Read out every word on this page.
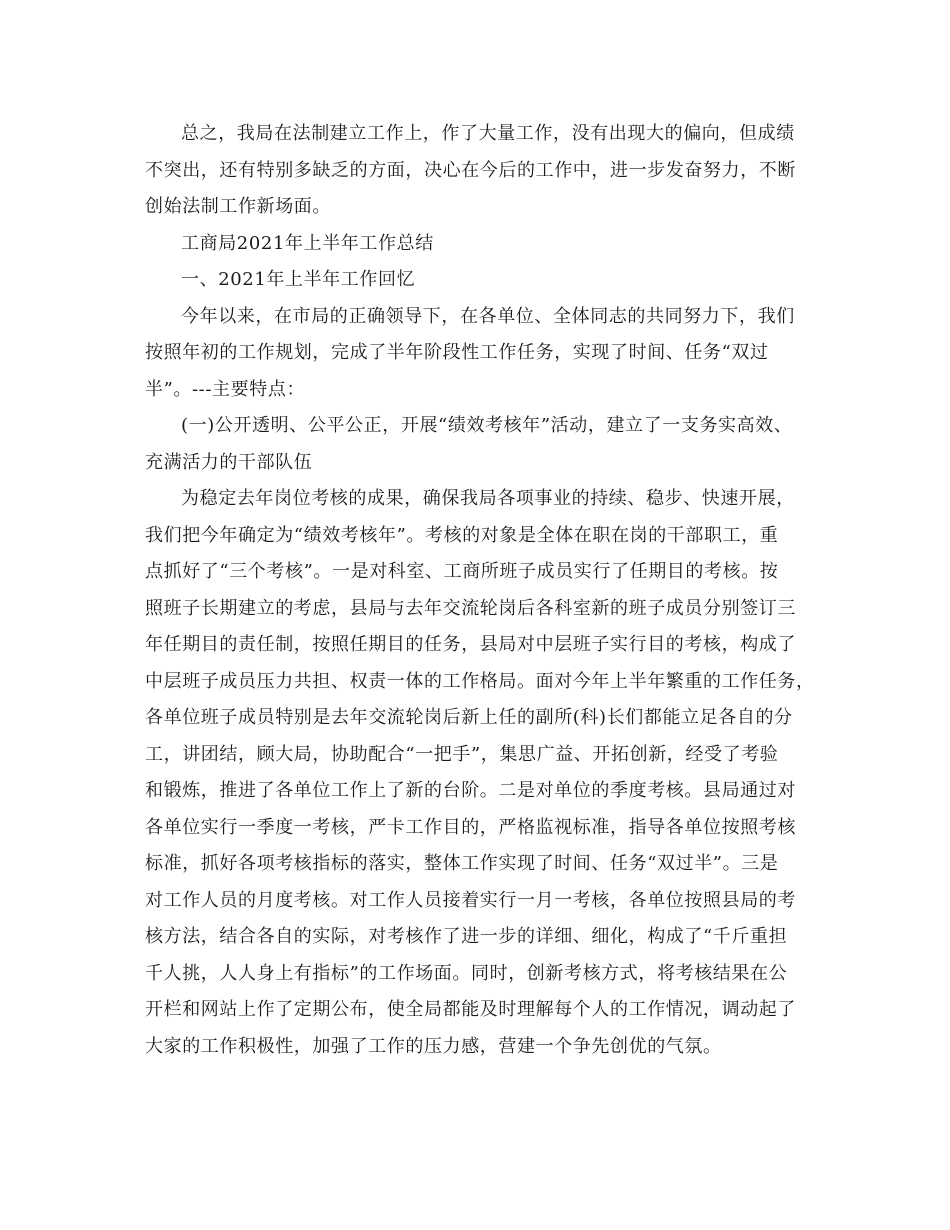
总之，我局在法制建立工作上，作了大量工作，没有出现大的偏向，但成绩
不突出，还有特别多缺乏的方面，决心在今后的工作中，进一步发奋努力，不断
创始法制工作新场面。
工商局2021年上半年工作总结
一、2021年上半年工作回忆
今年以来，在市局的正确领导下，在各单位、全体同志的共同努力下，我们
按照年初的工作规划，完成了半年阶段性工作任务，实现了时间、任务“双过
半”。---主要特点：
(一)公开透明、公平公正，开展“绩效考核年”活动，建立了一支务实高效、
充满活力的干部队伍
为稳定去年岗位考核的成果，确保我局各项事业的持续、稳步、快速开展，
我们把今年确定为“绩效考核年”。考核的对象是全体在职在岗的干部职工，重
点抓好了“三个考核”。一是对科室、工商所班子成员实行了任期目的考核。按
照班子长期建立的考虑，县局与去年交流轮岗后各科室新的班子成员分别签订三
年任期目的责任制，按照任期目的任务，县局对中层班子实行目的考核，构成了
中层班子成员压力共担、权责一体的工作格局。面对今年上半年繁重的工作任务，
各单位班子成员特别是去年交流轮岗后新上任的副所(科)长们都能立足各自的分
工，讲团结，顾大局，协助配合“一把手”，集思广益、开拓创新，经受了考验
和锻炼，推进了各单位工作上了新的台阶。二是对单位的季度考核。县局通过对
各单位实行一季度一考核，严卡工作目的，严格监视标准，指导各单位按照考核
标准，抓好各项考核指标的落实，整体工作实现了时间、任务“双过半”。三是
对工作人员的月度考核。对工作人员接着实行一月一考核，各单位按照县局的考
核方法，结合各自的实际，对考核作了进一步的详细、细化，构成了“千斤重担
千人挑，人人身上有指标”的工作场面。同时，创新考核方式，将考核结果在公
开栏和网站上作了定期公布，使全局都能及时理解每个人的工作情况，调动起了
大家的工作积极性，加强了工作的压力感，营建一个争先创优的气氛。
